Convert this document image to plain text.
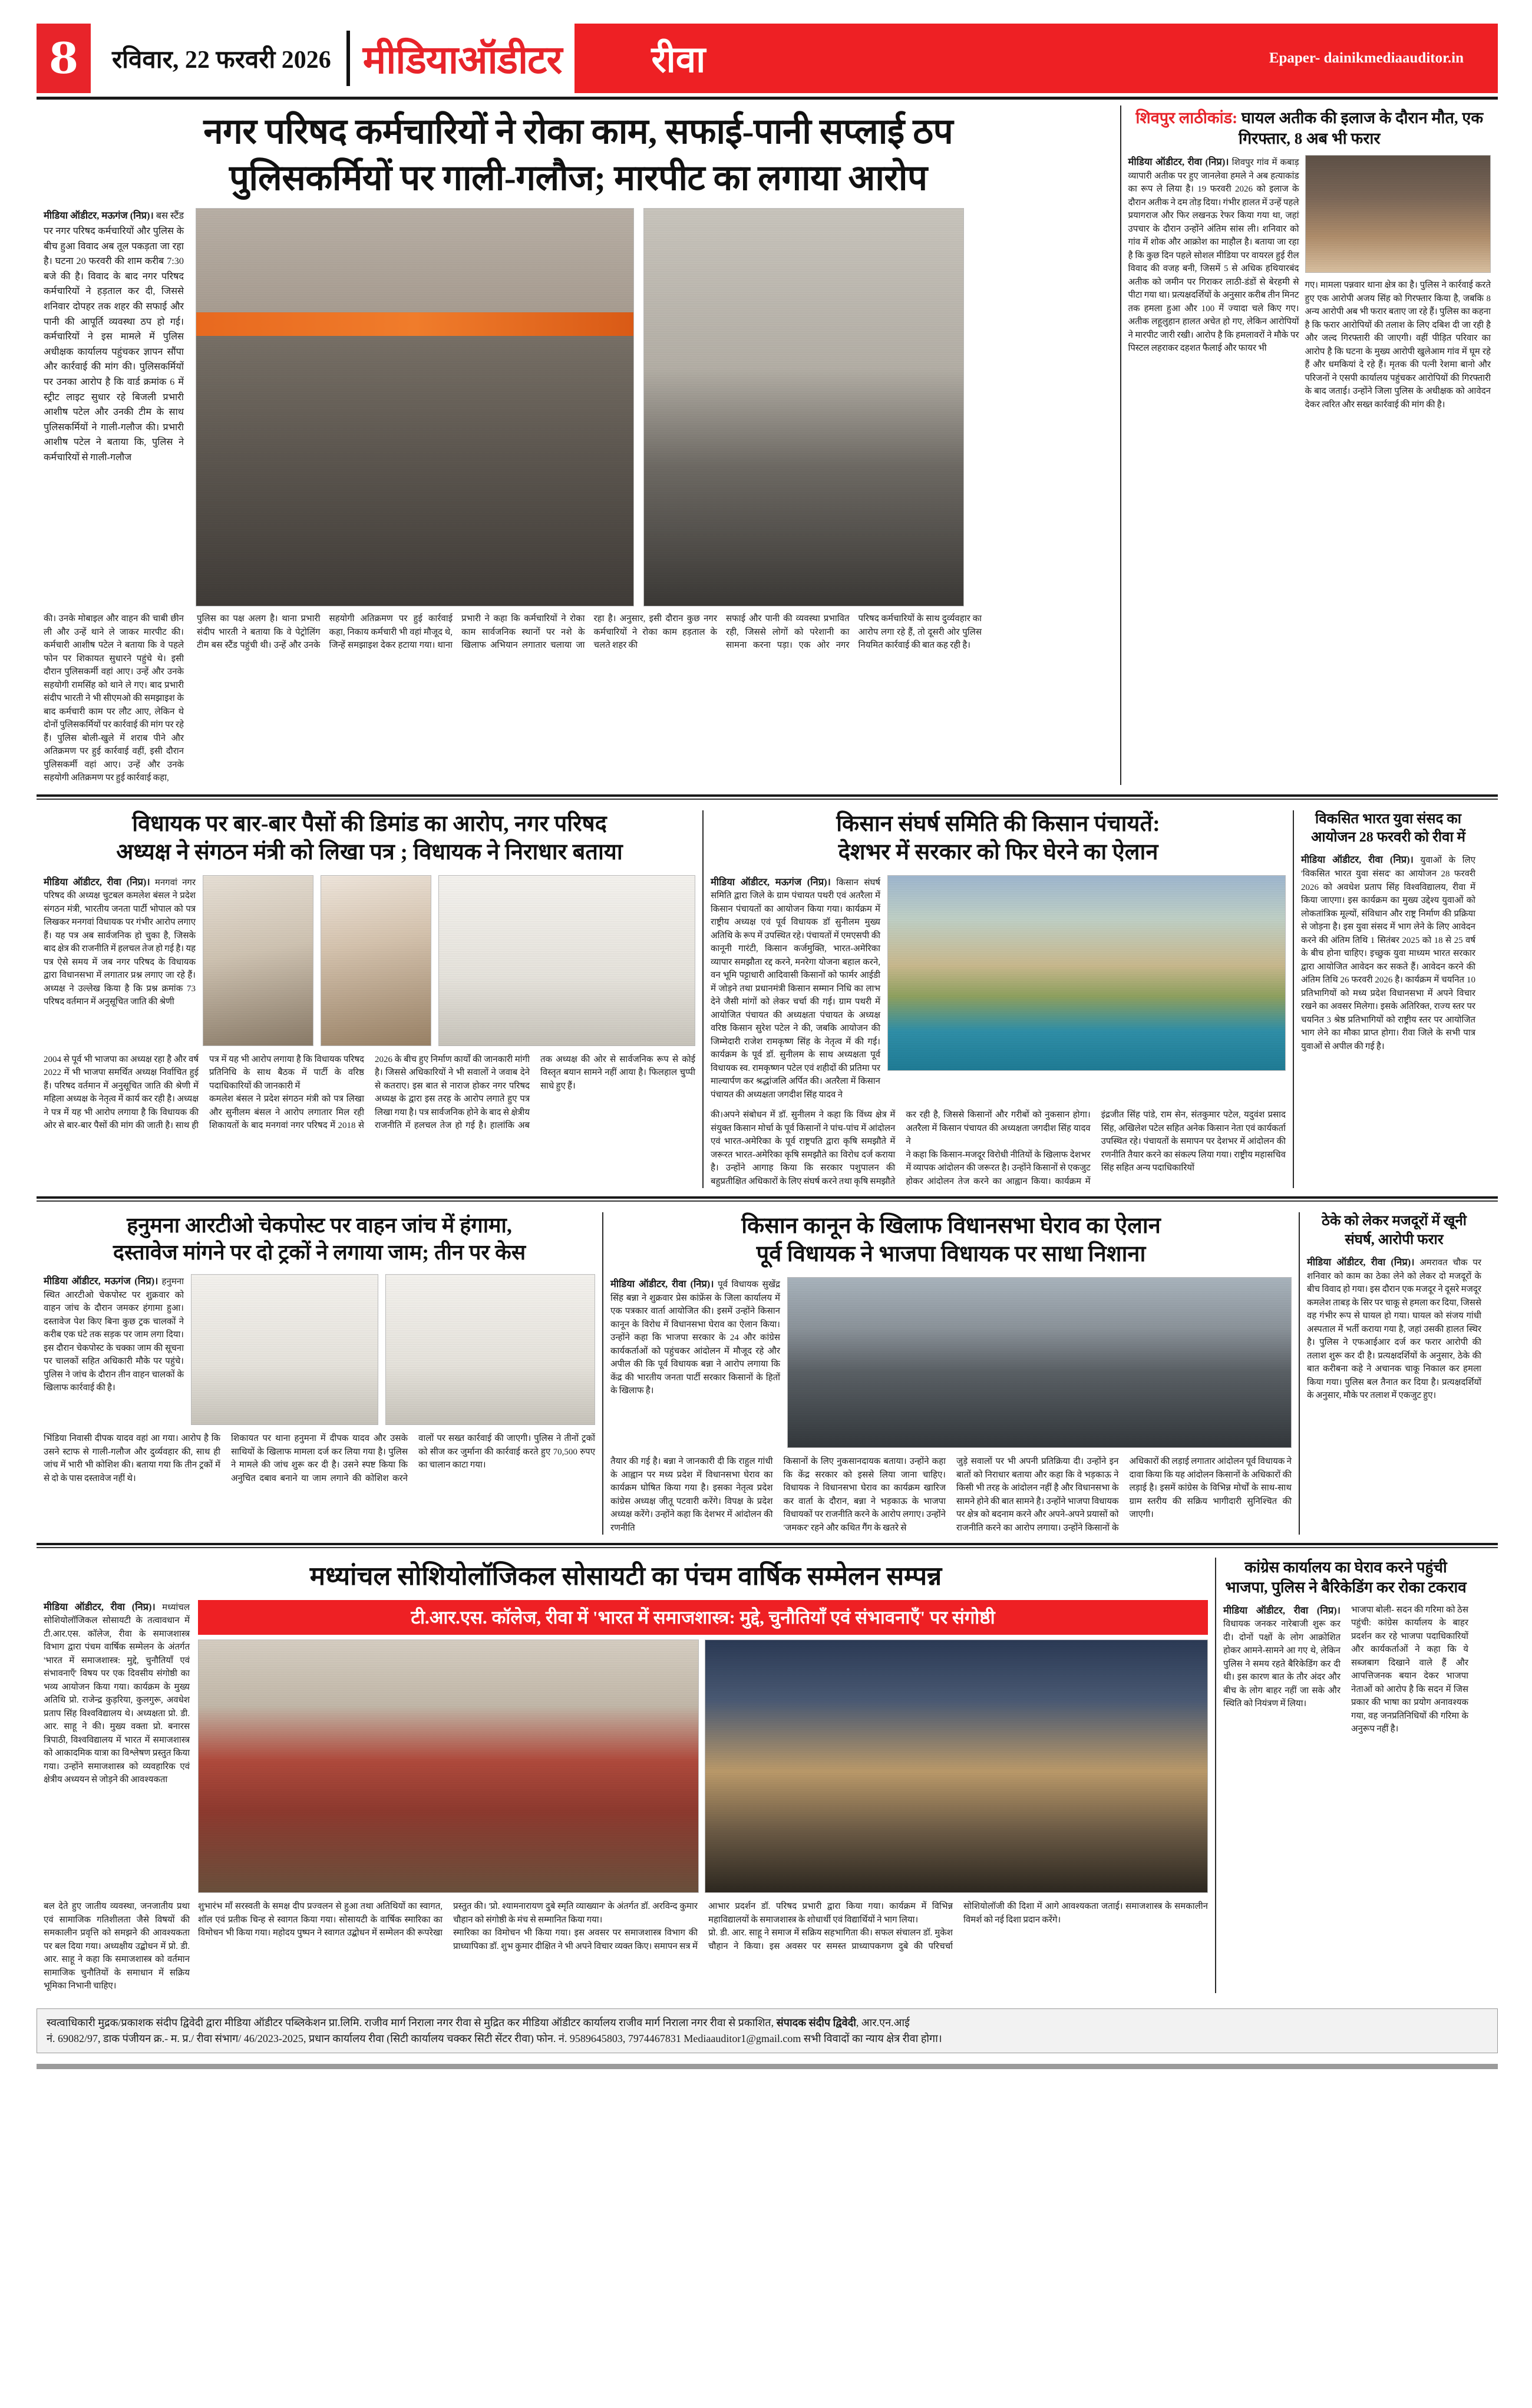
8 रविवार, 22 फरवरी 2026 मीडियाऑडीटर रीवा	Epaper- dainikmediaauditor.in
नगर परिषद कर्मचारियों ने रोका काम, सफाई-पानी सप्लाई ठप
पुलिसकर्मियों पर गाली-गलौज; मारपीट का लगाया आरोप

मीडिया ऑडीटर, मऊगंज (निप्र)। बस स्टैंड पर नगर परिषद कर्मचारियों और पुलिस के बीच हुआ विवाद अब तूल पकड़ता जा रहा है। घटना 20 फरवरी की शाम करीब 7:30 बजे की है। विवाद के बाद नगर परिषद कर्मचारियों ने हड़ताल कर दी, जिससे शनिवार दोपहर तक शहर की सफाई और पानी की आपूर्ति व्यवस्था ठप हो गई। कर्मचारियों ने इस मामले में पुलिस अधीक्षक कार्यालय पहुंचकर ज्ञापन सौंपा और कार्रवाई की मांग की। पुलिसकर्मियों पर उनका आरोप है कि वार्ड क्रमांक 6 में स्ट्रीट लाइट सुधार रहे बिजली प्रभारी आशीष पटेल और उनकी टीम के साथ पुलिसकर्मियों ने गाली-गलौज की। प्रभारी आशीष पटेल ने बताया कि, पुलिस ने कर्मचारियों से गाली-गलौज

की। उनके मोबाइल और वाहन की चाबी छीन ली और उन्हें थाने ले जाकर मारपीट की। कर्मचारी आशीष पटेल ने बताया कि वे पहले फोन पर शिकायत सुधारने पहुंचे थे। इसी दौरान पुलिसकर्मी वहां आए। उन्हें और उनके सहयोगी रामसिंह को थाने ले गए। बाद प्रभारी संदीप भारती ने भी सीएमओ की समझाइश के बाद कर्मचारी काम पर लौट आए, लेकिन थे दोनों पुलिसकर्मियों पर कार्रवाई की मांग पर रहे हैं। पुलिस बोली-खुले में शराब पीने और अतिक्रमण पर हुई कार्रवाई वहीं, इसी दौरान पुलिसकर्मी वहां आए। उन्हें और उनके सहयोगी अतिक्रमण पर हुई कार्रवाई कहा,

पुलिस का पक्ष अलग है। थाना प्रभारी संदीप भारती ने बताया कि वे पेट्रोलिंग टीम बस स्टैंड पहुंची थी। उन्हें और उनके सहयोगी अतिक्रमण पर हुई कार्रवाई कहा, निकाय कर्मचारी भी वहां मौजूद थे, जिन्हें समझाइश देकर हटाया गया। थाना प्रभारी ने कहा कि कर्मचारियों ने रोका काम सार्वजनिक स्थानों पर नशे के खिलाफ अभियान लगातार चलाया जा रहा है। अनुसार, इसी दौरान कुछ नगर कर्मचारियों ने रोका काम हड़ताल के चलते शहर की

सफाई और पानी की व्यवस्था प्रभावित रही, जिससे लोगों को परेशानी का सामना करना पड़ा। एक ओर नगर परिषद कर्मचारियों के साथ दुर्व्यवहार का आरोप लगा रहे हैं, तो दूसरी ओर पुलिस नियमित कार्रवाई की बात कह रही है।

शिवपुर लाठीकांड: घायल अतीक की इलाज के दौरान मौत, एक गिरफ्तार, 8 अब भी फरार

मीडिया ऑडीटर, रीवा (निप्र)। शिवपुर गांव में कबाड़ व्यापारी अतीक पर हुए जानलेवा हमले ने अब हत्याकांड का रूप ले लिया है। 19 फरवरी 2026 को इलाज के दौरान अतीक ने दम तोड़ दिया। गंभीर हालत में उन्हें पहले प्रयागराज और फिर लखनऊ रेफर किया गया था, जहां उपचार के दौरान उन्होंने अंतिम सांस ली। शनिवार को गांव में शोक और आक्रोश का माहौल है। बताया जा रहा है कि कुछ दिन पहले सोशल मीडिया पर वायरल हुई रील विवाद की वजह बनी, जिसमें 5 से अधिक हथियारबंद अतीक को जमीन पर गिराकर लाठी-डंडों से बेरहमी से पीटा गया था। प्रत्यक्षदर्शियों के अनुसार करीब तीन मिनट तक हमला हुआ और 100 में ज्यादा चले किए गए। अतीक लहूलुहान हालत अचेत हो गए, लेकिन आरोपियों ने मारपीट जारी रखी। आरोप है कि हमलावरों ने मौके पर पिस्टल लहराकर दहशत फैलाई और फायर भी

गए। मामला पन्नवार थाना क्षेत्र का है। पुलिस ने कार्रवाई करते हुए एक आरोपी अजय सिंह को गिरफ्तार किया है, जबकि 8 अन्य आरोपी अब भी फरार बताए जा रहे हैं। पुलिस का कहना है कि फरार आरोपियों की तलाश के लिए दबिश दी जा रही है और जल्द गिरफ्तारी की जाएगी। वहीं पीड़ित परिवार का आरोप है कि घटना के मुख्य आरोपी खुलेआम गांव में घूम रहे हैं और धमकियां दे रहे हैं। मृतक की पत्नी रेशमा बानो और परिजनों ने एसपी कार्यालय पहुंचकर आरोपियों की गिरफ्तारी के बाद जताई। उन्होंने जिला पुलिस के अधीक्षक को आवेदन देकर त्वरित और सख्त कार्रवाई की मांग की है।

विधायक पर बार-बार पैसों की डिमांड का आरोप, नगर परिषद
अध्यक्ष ने संगठन मंत्री को लिखा पत्र ; विधायक ने निराधार बताया

मीडिया ऑडीटर, रीवा (निप्र)। मनगवां नगर परिषद की अध्यक्ष चुटबल कमलेश बंसल ने प्रदेश संगठन मंत्री, भारतीय जनता पार्टी भोपाल को पत्र लिखकर मनगवां विधायक पर गंभीर आरोप लगाए हैं। यह पत्र अब सार्वजनिक हो चुका है, जिसके बाद क्षेत्र की राजनीति में हलचल तेज हो गई है। यह पत्र ऐसे समय में जब नगर परिषद के विधायक द्वारा विधानसभा में लगातार प्रश्न लगाए जा रहे हैं। अध्यक्ष ने उल्लेख किया है कि प्रश्न क्रमांक 73 परिषद वर्तमान में अनुसूचित जाति की श्रेणी

2004 से पूर्व भी भाजपा का अध्यक्ष रहा है और वर्ष 2022 में भी भाजपा समर्थित अध्यक्ष निर्वाचित हुई हैं। परिषद वर्तमान में अनुसूचित जाति की श्रेणी में महिला अध्यक्ष के नेतृत्व में कार्य कर रही है। अध्यक्ष ने पत्र में यह भी आरोप लगाया है कि विधायक की ओर से बार-बार पैसों की मांग की जाती है। साथ ही पत्र में यह भी आरोप लगाया है कि विधायक परिषद प्रतिनिधि के साथ बैठक में पार्टी के वरिष्ठ पदाधिकारियों की जानकारी में

कमलेश बंसल ने प्रदेश संगठन मंत्री को पत्र लिखा और सुनीलम बंसल ने आरोप लगातार मिल रही शिकायतों के बाद मनगवां नगर परिषद में 2018 से 2026 के बीच हुए निर्माण कार्यों की जानकारी मांगी है। जिससे अधिकारियों ने भी सवालों ने जवाब देने से कतराए। इस बात से नाराज होकर नगर परिषद अध्यक्ष के द्वारा इस तरह के आरोप लगाते हुए पत्र लिखा गया है। पत्र सार्वजनिक होने के बाद से क्षेत्रीय राजनीति में हलचल तेज हो गई है। हालांकि अब तक अध्यक्ष की ओर से सार्वजनिक रूप से कोई विस्तृत बयान सामने नहीं आया है। फिलहाल चुप्पी साधे हुए हैं।

किसान संघर्ष समिति की किसान पंचायतें:
देशभर में सरकार को फिर घेरने का ऐलान

मीडिया ऑडीटर, मऊगंज (निप्र)। किसान संघर्ष समिति द्वारा जिले के ग्राम पंचायत पथरी एवं अतरैला में किसान पंचायतों का आयोजन किया गया। कार्यक्रम में राष्ट्रीय अध्यक्ष एवं पूर्व विधायक डॉ सुनीलम मुख्य अतिथि के रूप में उपस्थित रहे। पंचायतों में एमएसपी की कानूनी गारंटी, किसान कर्जमुक्ति, भारत-अमेरिका व्यापार समझौता रद्द करने, मनरेगा योजना बहाल करने, वन भूमि पट्टाधारी आदिवासी किसानों को फार्मर आईडी में जोड़ने तथा प्रधानमंत्री किसान सम्मान निधि का लाभ देने जैसी मांगों को लेकर चर्चा की गई। ग्राम पथरी में आयोजित पंचायत की अध्यक्षता पंचायत के अध्यक्ष वरिष्ठ किसान सुरेश पटेल ने की, जबकि आयोजन की जिम्मेदारी राजेश रामकृष्ण सिंह के नेतृत्व में की गई। कार्यक्रम के पूर्व डॉ. सुनीलम के साथ अध्यक्षता पूर्व विधायक स्व. रामकृष्णन पटेल एवं शहीदों की प्रतिमा पर माल्यार्पण कर श्रद्धांजलि अर्पित की। अतरैला में किसान पंचायत की अध्यक्षता जगदीश सिंह यादव ने

की।अपने संबोधन में डॉ. सुनीलम ने कहा कि विंध्य क्षेत्र में संयुक्त किसान मोर्चा के पूर्व किसानों ने पांच-पांच में आंदोलन एवं भारत-अमेरिका के पूर्व राष्ट्रपति द्वारा कृषि समझौते में जरूरत भारत-अमेरिका कृषि समझौते का विरोध दर्ज कराया है। उन्होंने आगाह किया कि सरकार पशुपालन की बहुप्रतीक्षित अधिकारों के लिए संघर्ष करने तथा कृषि समझौते कर रही है, जिससे किसानों और गरीबों को नुकसान होगा। अतरैला में किसान पंचायत की अध्यक्षता जगदीश सिंह यादव ने

ने कहा कि किसान-मजदूर विरोधी नीतियों के खिलाफ देशभर में व्यापक आंदोलन की जरूरत है। उन्होंने किसानों से एकजुट होकर आंदोलन तेज करने का आह्वान किया। कार्यक्रम में इंद्रजीत सिंह पांडे, राम सेन, संतकुमार पटेल, यदुवंश प्रसाद सिंह, अखिलेश पटेल सहित अनेक किसान नेता एवं कार्यकर्ता उपस्थित रहे। पंचायतों के समापन पर देशभर में आंदोलन की रणनीति तैयार करने का संकल्प लिया गया। राष्ट्रीय महासचिव सिंह सहित अन्य पदाधिकारियों

विकसित भारत युवा संसद का आयोजन 28 फरवरी को रीवा में

मीडिया ऑडीटर, रीवा (निप्र)। युवाओं के लिए 'विकसित भारत युवा संसद' का आयोजन 28 फरवरी 2026 को अवधेश प्रताप सिंह विश्वविद्यालय, रीवा में किया जाएगा। इस कार्यक्रम का मुख्य उद्देश्य युवाओं को लोकतांत्रिक मूल्यों, संविधान और राष्ट्र निर्माण की प्रक्रिया से जोड़ना है। इस युवा संसद में भाग लेने के लिए आवेदन करने की अंतिम तिथि 1 सितंबर 2025 को 18 से 25 वर्ष के बीच होना चाहिए। इच्छुक युवा माध्यम भारत सरकार द्वारा आयोजित आवेदन कर सकते हैं। आवेदन करने की अंतिम तिथि 26 फरवरी 2026 है। कार्यक्रम में चयनित 10 प्रतिभागियों को मध्य प्रदेश विधानसभा में अपने विचार रखने का अवसर मिलेगा। इसके अतिरिक्त, राज्य स्तर पर चयनित 3 श्रेष्ठ प्रतिभागियों को राष्ट्रीय स्तर पर आयोजित भाग लेने का मौका प्राप्त होगा। रीवा जिले के सभी पात्र युवाओं से अपील की गई है।

हनुमना आरटीओ चेकपोस्ट पर वाहन जांच में हंगामा,
दस्तावेज मांगने पर दो ट्रकों ने लगाया जाम; तीन पर केस

मीडिया ऑडीटर, मऊगंज (निप्र)। हनुमना स्थित आरटीओ चेकपोस्ट पर शुक्रवार को वाहन जांच के दौरान जमकर हंगामा हुआ। दस्तावेज पेश किए बिना कुछ ट्रक चालकों ने करीब एक घंटे तक सड़क पर जाम लगा दिया। इस दौरान चेकपोस्ट के चक्का जाम की सूचना पर चालकों सहित अधिकारी मौके पर पहुंचे। पुलिस ने जांच के दौरान तीन वाहन चालकों के खिलाफ कार्रवाई की है।

भिंडिया निवासी दीपक यादव वहां आ गया। आरोप है कि उसने स्टाफ से गाली-गलौज और दुर्व्यवहार की, साथ ही जांच में भारी भी कोशिश की। बताया गया कि तीन ट्रकों में से दो के पास दस्तावेज नहीं थे।

शिकायत पर थाना हनुमना में दीपक यादव और उसके साथियों के खिलाफ मामला दर्ज कर लिया गया है। पुलिस ने मामले की जांच शुरू कर दी है। उसने स्पष्ट किया कि अनुचित दबाव बनाने या जाम लगाने की कोशिश करने वालों पर सख्त कार्रवाई की जाएगी। पुलिस ने तीनों ट्रकों को सीज कर जुर्माना की कार्रवाई करते हुए 70,500 रुपए का चालान काटा गया।

किसान कानून के खिलाफ विधानसभा घेराव का ऐलान
पूर्व विधायक ने भाजपा विधायक पर साधा निशाना

मीडिया ऑडीटर, रीवा (निप्र)। पूर्व विधायक सुखेंद्र सिंह बन्ना ने शुक्रवार प्रेस कांफ्रेंस के जिला कार्यालय में एक पत्रकार वार्ता आयोजित की। इसमें उन्होंने किसान कानून के विरोध में विधानसभा घेराव का ऐलान किया। उन्होंने कहा कि भाजपा सरकार के 24 और कांग्रेस कार्यकर्ताओं को पहुंचकर आंदोलन में मौजूद रहे और अपील की कि पूर्व विधायक बन्ना ने आरोप लगाया कि केंद्र की भारतीय जनता पार्टी सरकार किसानों के हितों के खिलाफ है।

तैयार की गई है। बन्ना ने जानकारी दी कि राहुल गांधी के आह्वान पर मध्य प्रदेश में विधानसभा घेराव का कार्यक्रम घोषित किया गया है। इसका नेतृत्व प्रदेश कांग्रेस अध्यक्ष जीतू पटवारी करेंगे। विपक्ष के प्रदेश अध्यक्ष करेंगे। उन्होंने कहा कि देशभर में आंदोलन की रणनीति

किसानों के लिए नुकसानदायक बताया। उन्होंने कहा कि केंद्र सरकार को इससे लिया जाना चाहिए। विधायक ने विधानसभा घेराव का कार्यक्रम खारिज कर वार्ता के दौरान, बन्ना ने भड़काऊ के भाजपा विधायकों पर राजनीति करने के आरोप लगाए। उन्होंने 'जमकर' रहने और कथित गैंग के खतरे से

जुड़े सवालों पर भी अपनी प्रतिक्रिया दी। उन्होंने इन बातों को निराधार बताया और कहा कि वे भड़काऊ ने किसी भी तरह के आंदोलन नहीं है और विधानसभा के सामने होने की बात सामने है। उन्होंने भाजपा विधायक पर क्षेत्र को बदनाम करने और अपने-अपने प्रयासों को राजनीति करने का आरोप लगाया। उन्होंने किसानों के अधिकारों की लड़ाई लगातार आंदोलन पूर्व विधायक ने दावा किया कि यह आंदोलन किसानों के अधिकारों की लड़ाई है। इसमें कांग्रेस के विभिन्न मोर्चों के साथ-साथ ग्राम स्तरीय की सक्रिय भागीदारी सुनिश्चित की जाएगी।

ठेके को लेकर मजदूरों में खूनी संघर्ष, आरोपी फरार

मीडिया ऑडीटर, रीवा (निप्र)। अमरावत चौक पर शनिवार को काम का ठेका लेने को लेकर दो मजदूरों के बीच विवाद हो गया। इस दौरान एक मजदूर ने दूसरे मजदूर कमलेश ताबड़ के सिर पर चाकू से हमला कर दिया, जिससे वह गंभीर रूप से घायल हो गया। घायल को संजय गांधी अस्पताल में भर्ती कराया गया है, जहां उसकी हालत स्थिर है। पुलिस ने एफआईआर दर्ज कर फरार आरोपी की तलाश शुरू कर दी है। प्रत्यक्षदर्शियों के अनुसार, ठेके की बात करीबना कहे ने अचानक चाकू निकाल कर हमला किया गया। पुलिस बल तैनात कर दिया है। प्रत्यक्षदर्शियों के अनुसार, मौके पर तलाश में एकजुट हुए।

मध्यांचल सोशियोलॉजिकल सोसायटी का पंचम वार्षिक सम्मेलन सम्पन्न

मीडिया ऑडीटर, रीवा (निप्र)। मध्यांचल सोशियोलॉजिकल सोसायटी के तत्वावधान में टी.आर.एस. कॉलेज, रीवा के समाजशास्त्र विभाग द्वारा पंचम वार्षिक सम्मेलन के अंतर्गत 'भारत में समाजशास्त्र: मुद्दे, चुनौतियाँ एवं संभावनाएँ' विषय पर एक दिवसीय संगोष्ठी का भव्य आयोजन किया गया। कार्यक्रम के मुख्य अतिथि प्रो. राजेन्द्र कुड़रिया, कुलगुरू, अवधेश प्रताप सिंह विश्वविद्यालय थे। अध्यक्षता प्रो. डी. आर. साहू ने की। मुख्य वक्ता प्रो. बनारस त्रिपाठी, विश्वविद्यालय में भारत में समाजशास्त्र को आकादमिक यात्रा का विश्लेषण प्रस्तुत किया गया। उन्होंने समाजशास्त्र को व्यवहारिक एवं क्षेत्रीय अध्ययन से जोड़ने की आवश्यकता

टी.आर.एस. कॉलेज, रीवा में 'भारत में समाजशास्त्र: मुद्दे, चुनौतियाँ एवं संभावनाएँ' पर संगोष्ठी

बल देते हुए जातीय व्यवस्था, जनजातीय प्रथा एवं सामाजिक गतिशीलता जैसे विषयों की समकालीन प्रवृत्ति को समझने की आवश्यकता पर बल दिया गया। अध्यक्षीय उद्बोधन में प्रो. डी. आर. साहू ने कहा कि समाजशास्त्र को वर्तमान सामाजिक चुनौतियों के समाधान में सक्रिय भूमिका निभानी चाहिए।

शुभारंभ माँ सरस्वती के समक्ष दीप प्रज्वलन से हुआ तथा अतिथियों का स्वागत, शॉल एवं प्रतीक चिन्ह से स्वागत किया गया। सोसायटी के वार्षिक स्मारिका का विमोचन भी किया गया। महोदय पुष्पन ने स्वागत उद्बोधन में सम्मेलन की रूपरेखा प्रस्तुत की। 'प्रो. श्यामनारायण दुबे स्मृति व्याख्यान' के अंतर्गत डॉ. अरविन्द कुमार चौहान को संगोष्ठी के मंच से सम्मानित किया गया।

स्मारिका का विमोचन भी किया गया। इस अवसर पर समाजशास्त्र विभाग की प्राध्यापिका डॉ. शुभ कुमार दीक्षित ने भी अपने विचार व्यक्त किए। समापन सत्र में आभार प्रदर्शन डॉ. परिषद प्रभारी द्वारा किया गया। कार्यक्रम में विभिन्न महाविद्यालयों के समाजशास्त्र के शोधार्थी एवं विद्यार्थियों ने भाग लिया।

प्रो. डी. आर. साहू ने समाज में सक्रिय सहभागिता की। सफल संचालन डॉ. मुकेश चौहान ने किया। इस अवसर पर समस्त प्राध्यापकगण दुबे की परिचर्चा सोशियोलॉजी की दिशा में आगे आवश्यकता जताई। समाजशास्त्र के समकालीन विमर्श को नई दिशा प्रदान करेंगे।

कांग्रेस कार्यालय का घेराव करने पहुंची
भाजपा, पुलिस ने बैरिकेडिंग कर रोका टकराव

मीडिया ऑडीटर, रीवा (निप्र)। विधायक जनकर नारेबाजी शुरू कर दी। दोनों पक्षों के लोग आक्रोशित होकर आमने-सामने आ गए थे, लेकिन पुलिस ने समय रहते बैरिकेडिंग कर दी थी। इस कारण बात के तौर अंदर और बीच के लोग बाहर नहीं जा सके और स्थिति को नियंत्रण में लिया।

भाजपा बोली- सदन की गरिमा को ठेस पहुंची: कांग्रेस कार्यालय के बाहर प्रदर्शन कर रहे भाजपा पदाधिकारियों और कार्यकर्ताओं ने कहा कि ये सब्जबाग दिखाने वाले हैं और आपत्तिजनक बयान देकर भाजपा नेताओं को आरोप है कि सदन में जिस प्रकार की भाषा का प्रयोग अनावश्यक गया, वह जनप्रतिनिधियों की गरिमा के अनुरूप नहीं है।

स्वत्वाधिकारी मुद्रक/प्रकाशक संदीप द्विवेदी द्वारा मीडिया ऑडीटर पब्लिकेशन प्रा.लिमि. राजीव मार्ग निराला नगर रीवा से मुद्रित कर मीडिया ऑडीटर कार्यालय राजीव मार्ग निराला नगर रीवा से प्रकाशित, संपादक संदीप द्विवेदी, आर.एन.आई
नं. 69082/97, डाक पंजीयन क्र.- म. प्र./ रीवा संभाग/ 46/2023-2025, प्रधान कार्यालय रीवा (सिटी कार्यालय चक्कर सिटी सेंटर रीवा) फोन. नं. 9589645803, 7974467831 Mediaauditor1@gmail.com सभी विवादों का न्याय क्षेत्र रीवा होगा।
